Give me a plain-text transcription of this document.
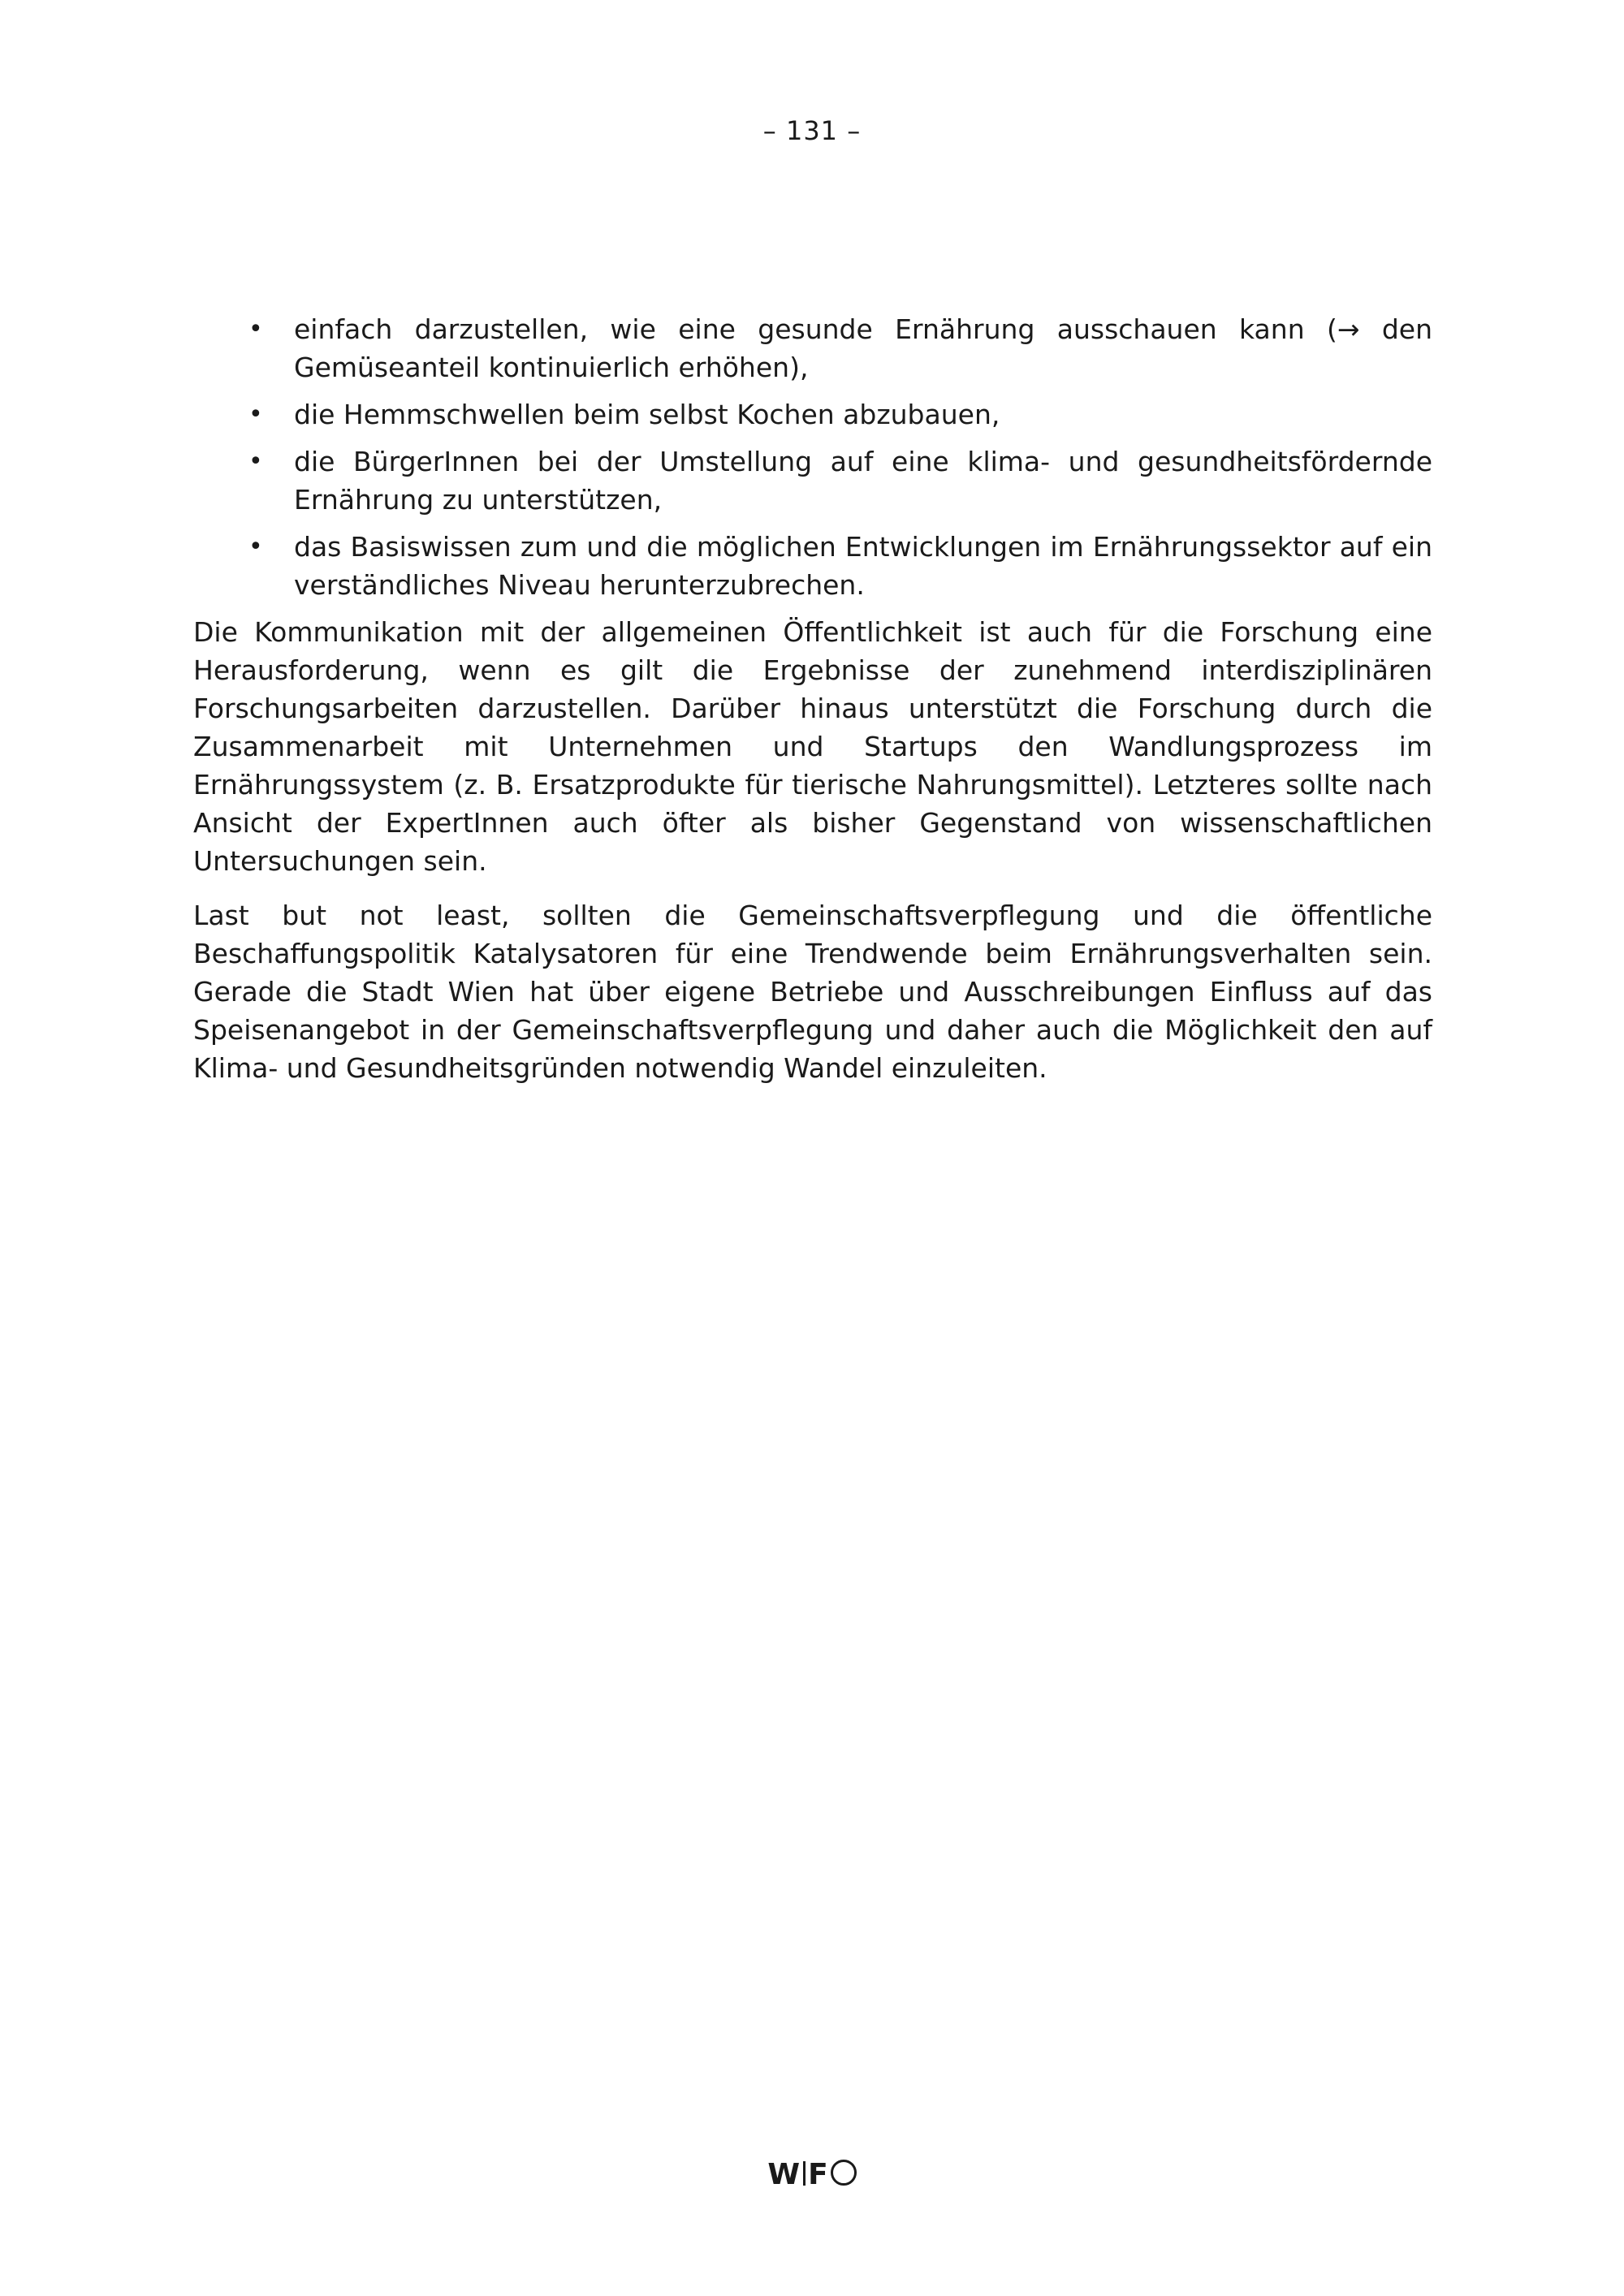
– 131 –
• einfach darzustellen, wie eine gesunde Ernährung ausschauen kann (→ den Gemüseanteil kontinuierlich erhöhen),
• die Hemmschwellen beim selbst Kochen abzubauen,
• die BürgerInnen bei der Umstellung auf eine klima- und gesundheitsfördernde Ernährung zu unterstützen,
• das Basiswissen zum und die möglichen Entwicklungen im Ernährungssektor auf ein verständliches Niveau herunterzubrechen.

Die Kommunikation mit der allgemeinen Öffentlichkeit ist auch für die Forschung eine Herausforderung, wenn es gilt die Ergebnisse der zunehmend interdisziplinären Forschungsarbeiten darzustellen. Darüber hinaus unterstützt die Forschung durch die Zusammenarbeit mit Unternehmen und Startups den Wandlungsprozess im Ernährungssystem (z. B. Ersatzprodukte für tierische Nahrungsmittel). Letzteres sollte nach Ansicht der ExpertInnen auch öfter als bisher Gegenstand von wissenschaftlichen Untersuchungen sein.

Last but not least, sollten die Gemeinschaftsverpflegung und die öffentliche Beschaffungspolitik Katalysatoren für eine Trendwende beim Ernährungsverhalten sein. Gerade die Stadt Wien hat über eigene Betriebe und Ausschreibungen Einfluss auf das Speisenangebot in der Gemeinschaftsverpflegung und daher auch die Möglichkeit den auf Klima- und Gesundheitsgründen notwendig Wandel einzuleiten.

W F
